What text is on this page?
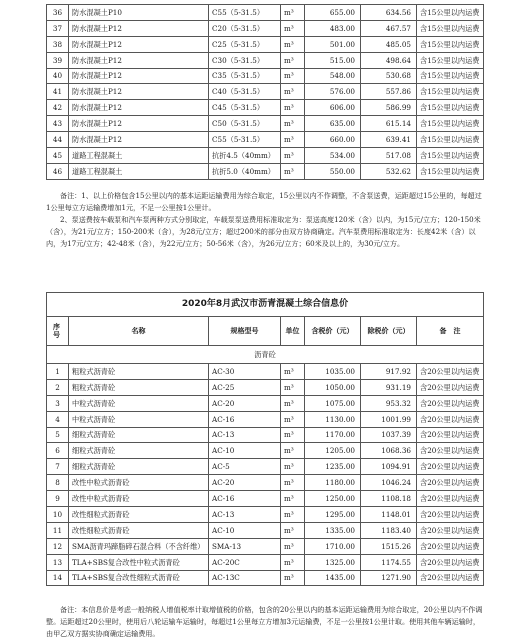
36	防水混凝土P10	C55（5-31.5）	m³	655.00	634.56	含15公里以内运费
37	防水混凝土P12	C20（5-31.5）	m³	483.00	467.57	含15公里以内运费
38	防水混凝土P12	C25（5-31.5）	m³	501.00	485.05	含15公里以内运费
39	防水混凝土P12	C30（5-31.5）	m³	515.00	498.64	含15公里以内运费
40	防水混凝土P12	C35（5-31.5）	m³	548.00	530.68	含15公里以内运费
41	防水混凝土P12	C40（5-31.5）	m³	576.00	557.86	含15公里以内运费
42	防水混凝土P12	C45（5-31.5）	m³	606.00	586.99	含15公里以内运费
43	防水混凝土P12	C50（5-31.5）	m³	635.00	615.14	含15公里以内运费
44	防水混凝土P12	C55（5-31.5）	m³	660.00	639.41	含15公里以内运费
45	道路工程混凝土	抗折4.5（40mm）	m³	534.00	517.08	含15公里以内运费
46	道路工程混凝土	抗折5.0（40mm）	m³	550.00	532.62	含15公里以内运费

备注：1、以上价格包含15公里以内的基本运距运输费用为综合取定，15公里以内不作调整，不含泵送费，运距超过15公里的，每超过1公里每立方运输费增加1元，不足一公里按1公里计。

2、泵送费按车载泵和汽车泵两种方式分别取定，车载泵泵送费用标准取定为：泵送高度120米（含）以内，为15元/立方；120-150米（含），为21元/立方；150-200米（含），为28元/立方；超过200米的部分由双方协商确定。汽车泵费用标准取定为：长度42米（含）以内，为17元/立方；42-48米（含），为22元/立方；50-56米（含），为26元/立方；60米及以上的，为30元/立方。

2020年8月武汉市沥青混凝土综合信息价						
序号	名称	规格型号	单位	含税价（元）	除税价（元）	备　注
沥青砼						
1	粗粒式沥青砼	AC-30	m³	1035.00	917.92	含20公里以内运费
2	粗粒式沥青砼	AC-25	m³	1050.00	931.19	含20公里以内运费
3	中粒式沥青砼	AC-20	m³	1075.00	953.32	含20公里以内运费
4	中粒式沥青砼	AC-16	m³	1130.00	1001.99	含20公里以内运费
5	细粒式沥青砼	AC-13	m³	1170.00	1037.39	含20公里以内运费
6	细粒式沥青砼	AC-10	m³	1205.00	1068.36	含20公里以内运费
7	细粒式沥青砼	AC-5	m³	1235.00	1094.91	含20公里以内运费
8	改性中粒式沥青砼	AC-20	m³	1180.00	1046.24	含20公里以内运费
9	改性中粒式沥青砼	AC-16	m³	1250.00	1108.18	含20公里以内运费
10	改性细粒式沥青砼	AC-13	m³	1295.00	1148.01	含20公里以内运费
11	改性细粒式沥青砼	AC-10	m³	1335.00	1183.40	含20公里以内运费
12	SMA沥青玛蹄脂碎石混合料（不含纤维）	SMA-13	m³	1710.00	1515.26	含20公里以内运费
13	TLA+SBS复合改性中粒式沥青砼	AC-20C	m³	1325.00	1174.55	含20公里以内运费
14	TLA+SBS复合改性细粒式沥青砼	AC-13C	m³	1435.00	1271.90	含20公里以内运费

备注：本信息价是考虑一般纳税人增值税率计取增值税的价格，包含的20公里以内的基本运距运输费用为综合取定，20公里以内不作调整。运距超过20公里时，使用后八轮运输车运输时，每超过1公里每立方增加3元运输费，不足一公里按1公里计取。使用其他车辆运输时，由甲乙双方据实协商确定运输费用。
